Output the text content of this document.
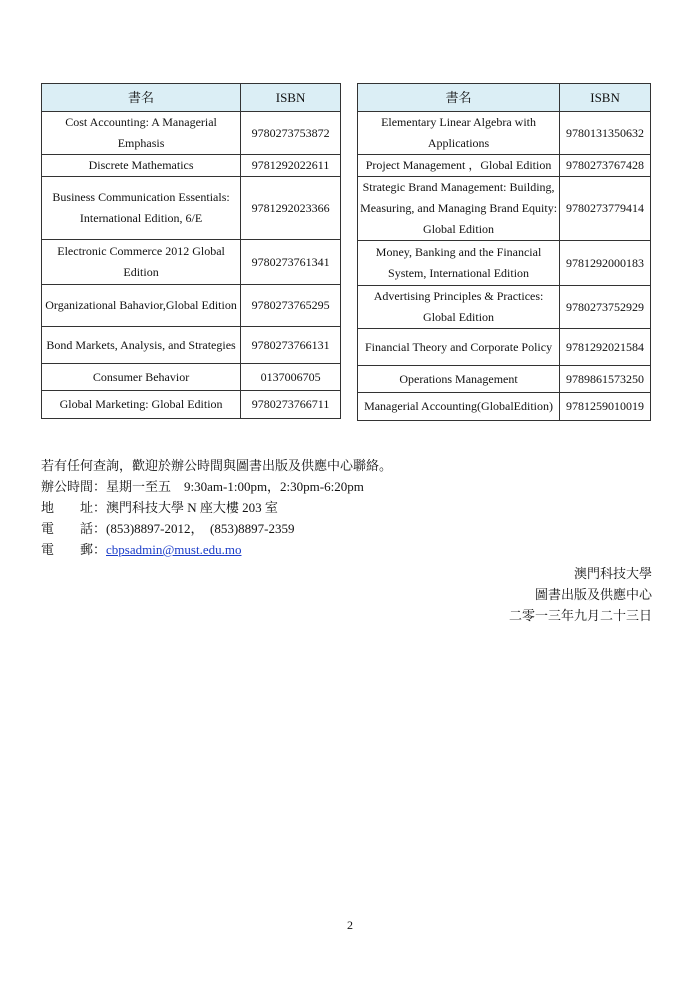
書名	ISBN
Cost Accounting: A Managerial Emphasis	9780273753872
Discrete Mathematics	9781292022611
Business Communication Essentials: International Edition, 6/E	9781292023366
Electronic Commerce 2012 Global Edition	9780273761341
Organizational Bahavior,Global Edition	9780273765295
Bond Markets, Analysis, and Strategies	9780273766131
Consumer Behavior	0137006705
Global Marketing: Global Edition	9780273766711
書名	ISBN
Elementary Linear Algebra with Applications	9780131350632
Project Management ，Global Edition	9780273767428
Strategic Brand Management: Building, Measuring, and Managing Brand Equity: Global Edition	9780273779414
Money, Banking and the Financial System, International Edition	9781292000183
Advertising Principles & Practices: Global Edition	9780273752929
Financial Theory and Corporate Policy	9781292021584
Operations Management	9789861573250
Managerial Accounting(GlobalEdition)	9781259010019
若有任何查詢，歡迎於辦公時間與圖書出版及供應中心聯絡。
辦公時間：星期一至五　9:30am-1:00pm，2:30pm-6:20pm
地　　址：澳門科技大學 N 座大樓 203 室
電　　話：(853)8897-2012，　(853)8897-2359
電　　郵：cbpsadmin@must.edu.mo
澳門科技大學
圖書出版及供應中心
二零一三年九月二十三日
2
